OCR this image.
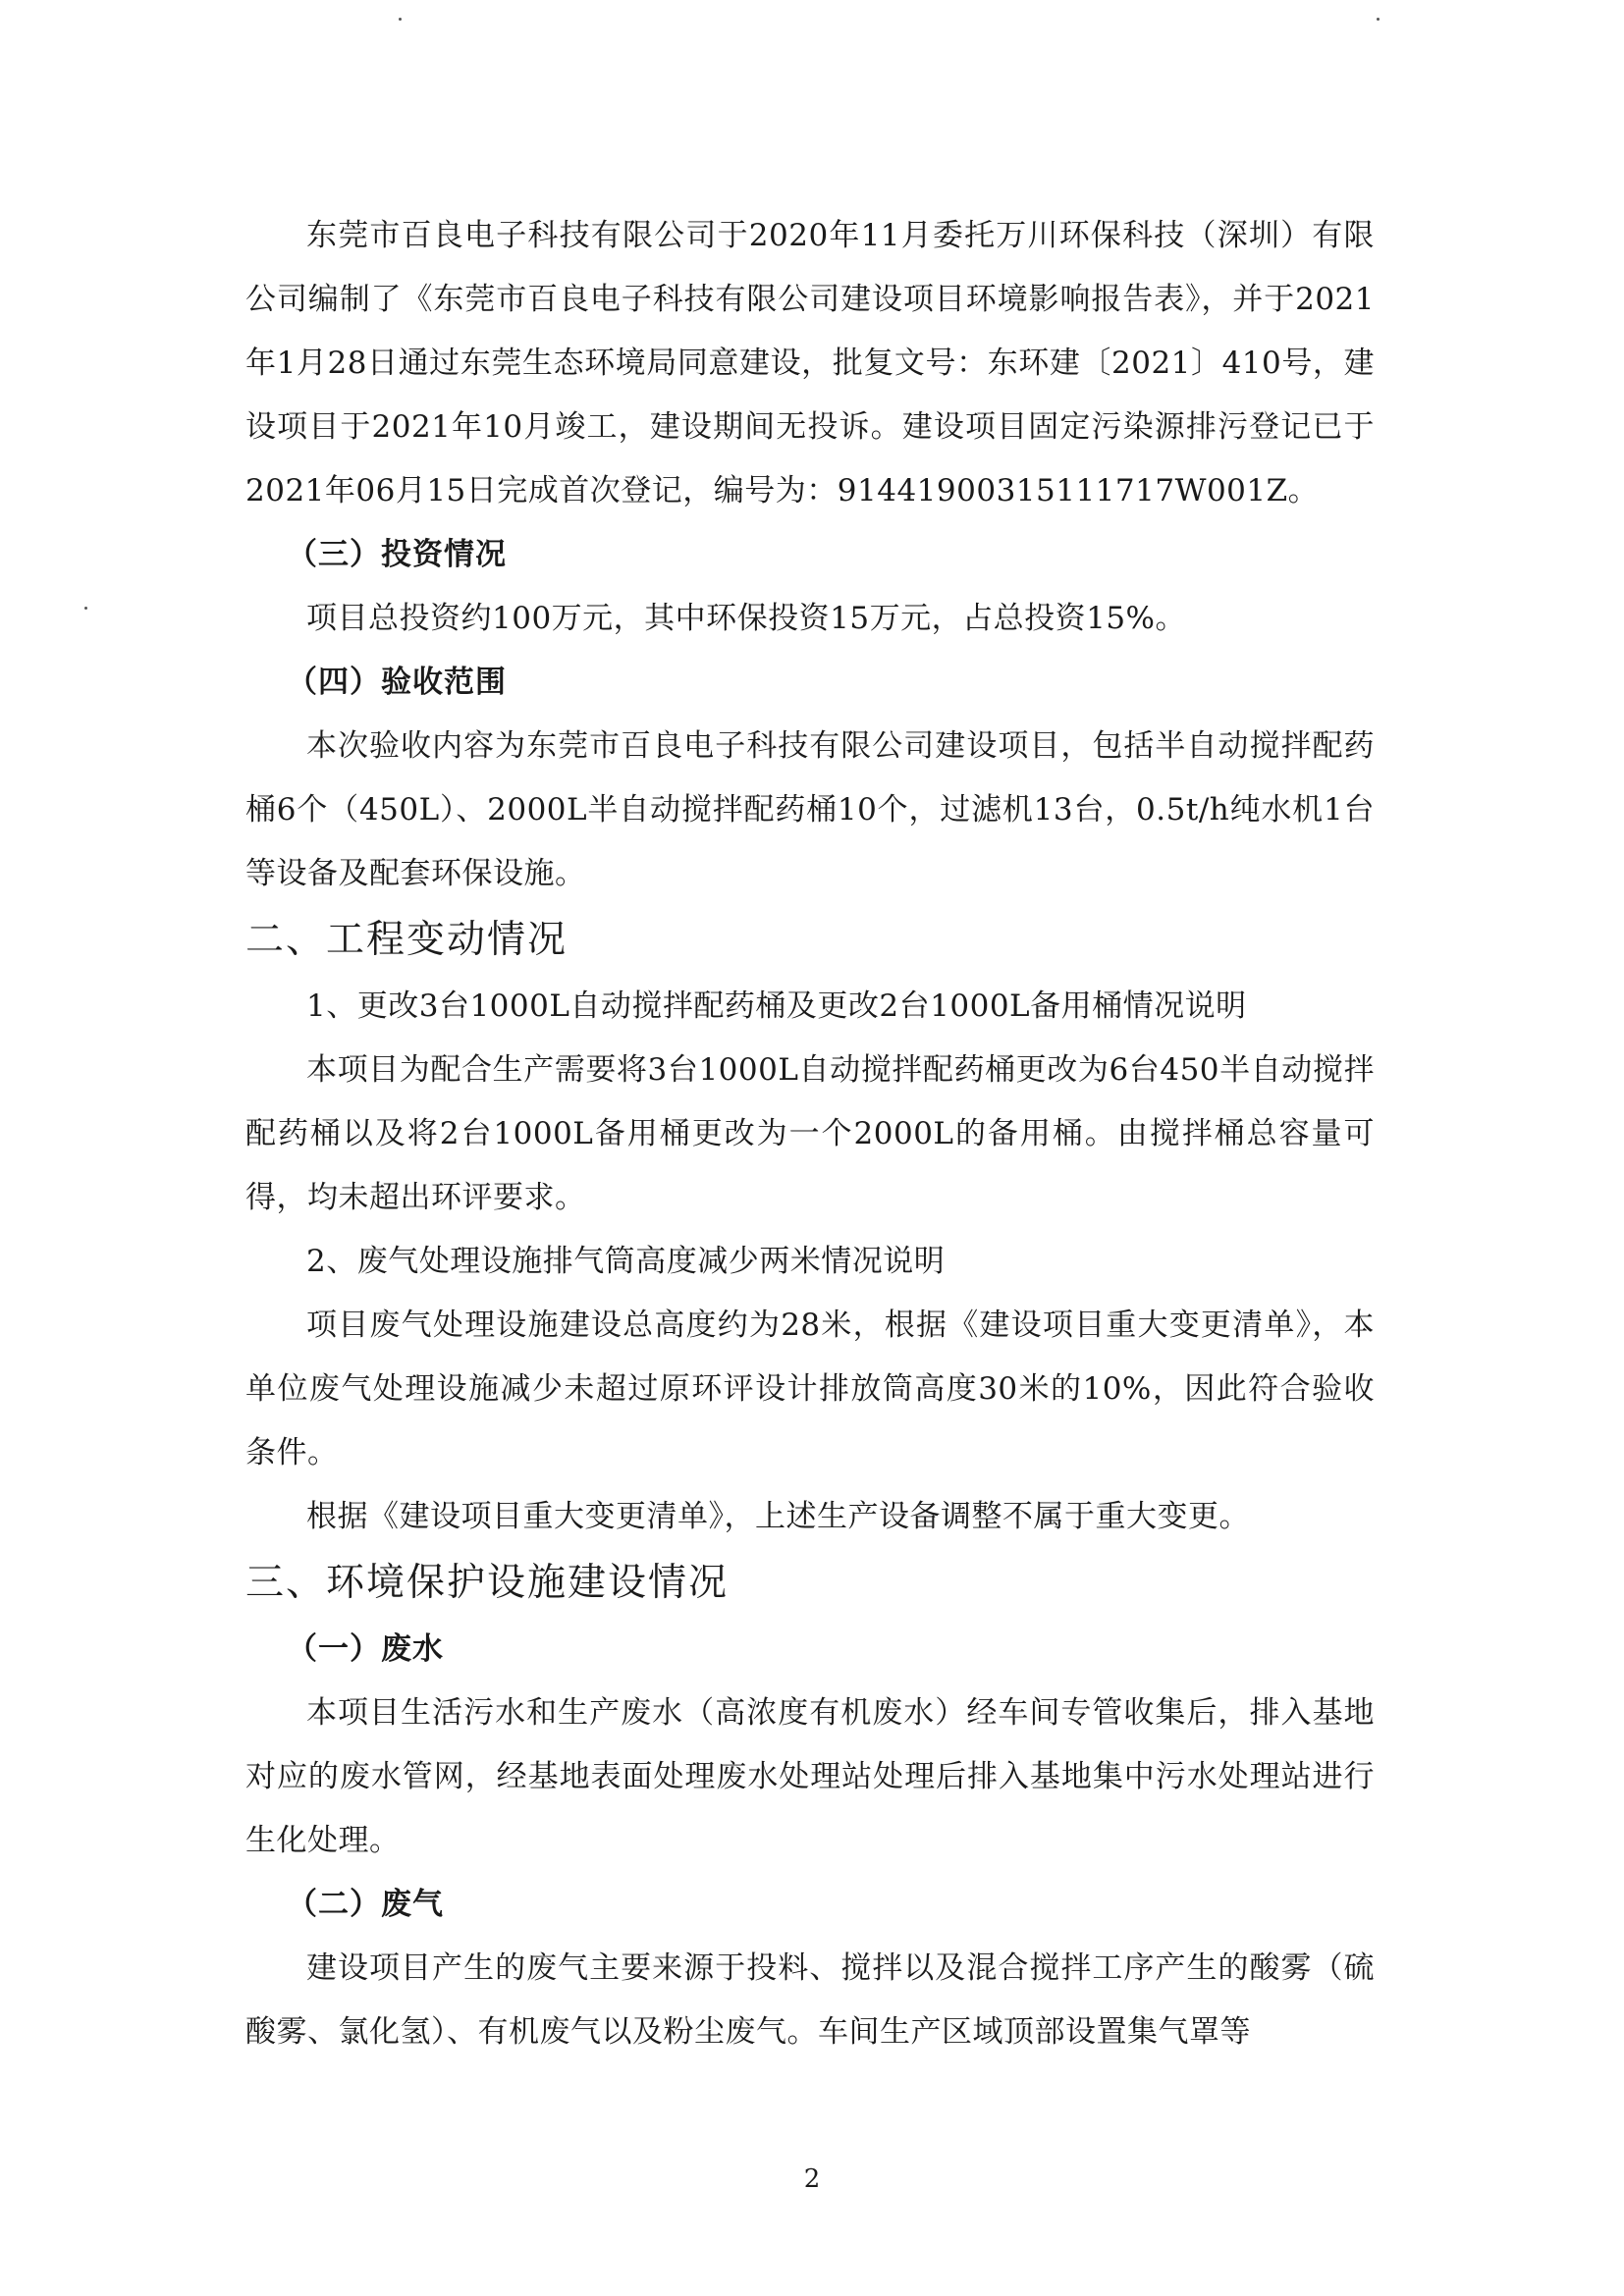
东莞市百良电子科技有限公司于2020年11月委托万川环保科技（深圳）有限公司编制了《东莞市百良电子科技有限公司建设项目环境影响报告表》，并于2021年1月28日通过东莞生态环境局同意建设，批复文号：东环建〔2021〕410号，建设项目于2021年10月竣工，建设期间无投诉。建设项目固定污染源排污登记已于2021年06月15日完成首次登记，编号为：91441900315111717W001Z。

（三）投资情况

项目总投资约100万元，其中环保投资15万元，占总投资15%。

（四）验收范围

本次验收内容为东莞市百良电子科技有限公司建设项目，包括半自动搅拌配药桶6个（450L）、2000L半自动搅拌配药桶10个，过滤机13台，0.5t/h纯水机1台等设备及配套环保设施。

二、工程变动情况

1、更改3台1000L自动搅拌配药桶及更改2台1000L备用桶情况说明

本项目为配合生产需要将3台1000L自动搅拌配药桶更改为6台450半自动搅拌配药桶以及将2台1000L备用桶更改为一个2000L的备用桶。由搅拌桶总容量可得，均未超出环评要求。

2、废气处理设施排气筒高度减少两米情况说明

项目废气处理设施建设总高度约为28米，根据《建设项目重大变更清单》，本单位废气处理设施减少未超过原环评设计排放筒高度30米的10%，因此符合验收条件。

根据《建设项目重大变更清单》，上述生产设备调整不属于重大变更。

三、环境保护设施建设情况

（一）废水

本项目生活污水和生产废水（高浓度有机废水）经车间专管收集后，排入基地对应的废水管网，经基地表面处理废水处理站处理后排入基地集中污水处理站进行生化处理。

（二）废气

建设项目产生的废气主要来源于投料、搅拌以及混合搅拌工序产生的酸雾（硫酸雾、氯化氢）、有机废气以及粉尘废气。车间生产区域顶部设置集气罩等

2
